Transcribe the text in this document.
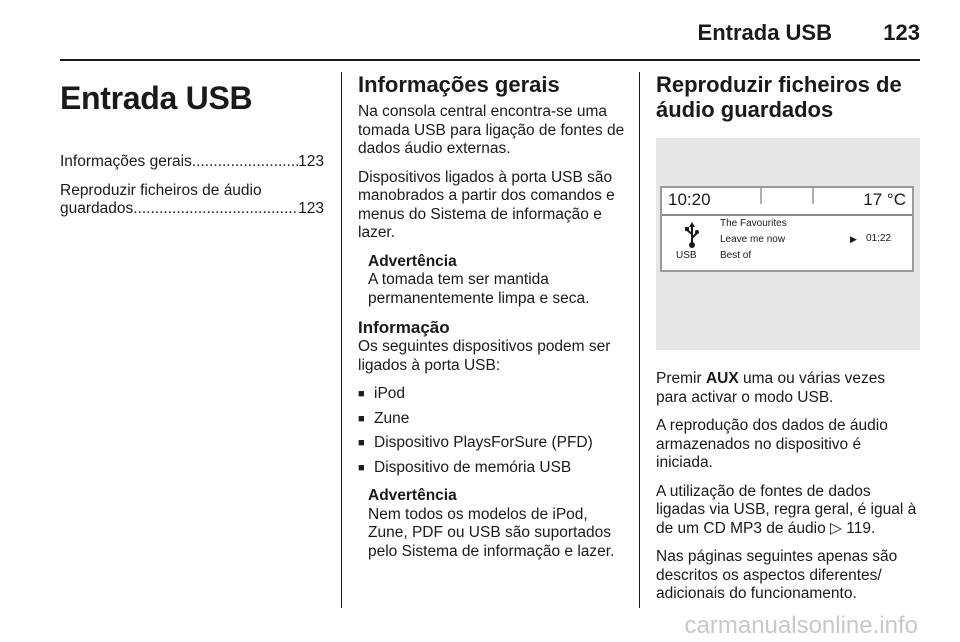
Entrada USB 123
Entrada USB
Informações gerais .....	123
Reproduzir ficheiros de áudio
guardados .....	123
Informações gerais

Na consola central encontra-se uma tomada USB para ligação de fontes de dados áudio externas.

Dispositivos ligados à porta USB são manobrados a partir dos comandos e menus do Sistema de informação e lazer.

Advertência
A tomada tem ser mantida permanentemente limpa e seca.
Informação

Os seguintes dispositivos podem ser ligados à porta USB:

■ iPod
■ Zune
■ Dispositivo PlaysForSure (PFD)
■ Dispositivo de memória USB
Advertência
Nem todos os modelos de iPod, Zune, PDF ou USB são suportados pelo Sistema de informação e lazer.
Reproduzir ficheiros de áudio guardados
10:20	17 °C
USB
The Favourites
Leave me now
Best of
▶ 01:22

Premir AUX uma ou várias vezes para activar o modo USB.

A reprodução dos dados de áudio armazenados no dispositivo é iniciada.

A utilização de fontes de dados ligadas via USB, regra geral, é igual à de um CD MP3 de áudio ▷ 119.

Nas páginas seguintes apenas são descritos os aspectos diferentes/ adicionais do funcionamento.

carmanualsonline.info
